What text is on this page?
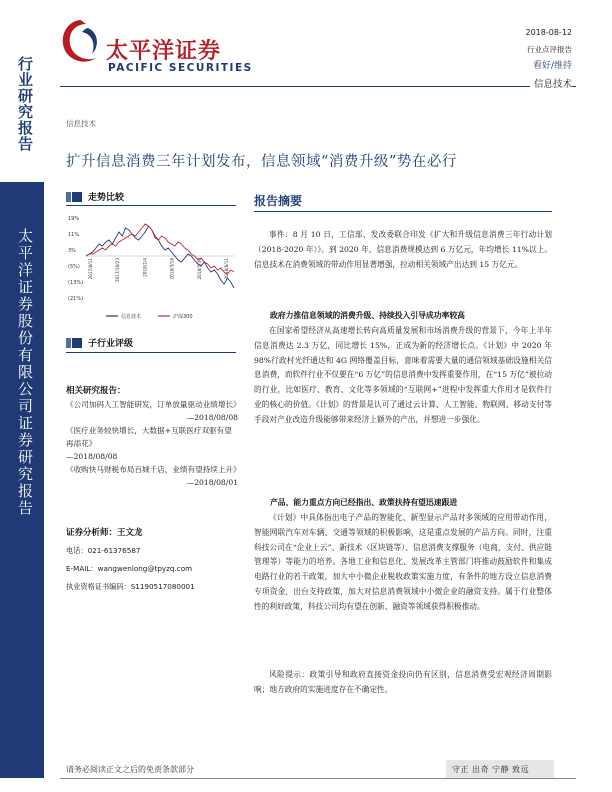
行业研究报告
太平洋证券股份有限公司证券研究报告
太平洋证券
PACIFIC SECURITIES
2018-08-12
行业点评报告
看好/维持
信息技术
信息技术
扩升信息消费三年计划发布，信息领域“消费升级”势在必行
走势比较
19%
11%
3%
(5%)
(13%)
(21%)
2017/8/11	2017/10/23	2018/1/4	2018/3/18	2018/5/30	2018/8/11
信息技术	沪深300
子行业评级
相关研究报告：
《公司加码人工智能研发，订单放量驱动业绩增长》
—2018/08/08
《医疗业务较快增长，大数据+互联医疗双驱有望再添花》
—2018/08/08
《收购快马财税布局百城千店，业绩有望持续上升》
—2018/08/01
证券分析师：王文龙
电话：021-61376587
E-MAIL：wangwenlong@tpyzq.com
执业资格证书编码：S1190517080001
报告摘要
事件：8 月 10 日，工信部、发改委联合印发《扩大和升级信息消费三年行动计划（2018-2020 年）》。到 2020 年，信息消费规模达到 6 万亿元，年均增长 11%以上。信息技术在消费领域的带动作用显著增强，拉动相关领域产出达到 15 万亿元。
政府力推信息领域的消费升级、持续投入引导成功率较高
在国家希望经济从高速增长转向高质量发展和市场消费升级的背景下，今年上半年信息消费达 2.3 万亿，同比增长 15%，正成为新的经济增长点。《计划》中 2020 年 98%行政村光纤通达和 4G 网络覆盖目标，意味着需要大量的通信领域基础设施相关信息消费，而软件行业不仅要在“6 万亿”的信息消费中发挥重要作用，在“15 万亿”被拉动的行业，比如医疗、教育、文化等多领域的“互联网+”进程中发挥重大作用才是软件行业的核心的价值。《计划》的背景是认可了通过云计算、人工智能、物联网、移动支付等手段对产业改造升级能够带来经济上额外的产出，并想进一步强化。
产品、能力重点方向已经指出、政策扶持有望迅速跟进
《计划》中具体指出电子产品的智能化、新型显示产品对多领域的应用带动作用，智能网联汽车对车辆、交通等领域的积极影响，这是重点发展的产品方向。同时，注重科技公司在“企业上云”、新技术（区块链等）、信息消费支撑服务（电商、支付、供应链管理等）等能力的培养。各地工业和信息化、发展改革主管部门将推动鼓励软件和集成电路行业的若干政策，加大中小微企业税收政策实施力度，有条件的地方设立信息消费专项资金，出台支持政策，加大对信息消费领域中小微企业的融资支持。属于行业整体性的利好政策，科技公司均有望在创新、融资等领域获得积极推动。
风险提示：政策引导和政府直接资金投向仍有区别，信息消费受宏观经济周期影响；地方政府的实施进度存在不确定性。
请务必阅读正文之后的免责条款部分	守正 出奇 宁静 致远
